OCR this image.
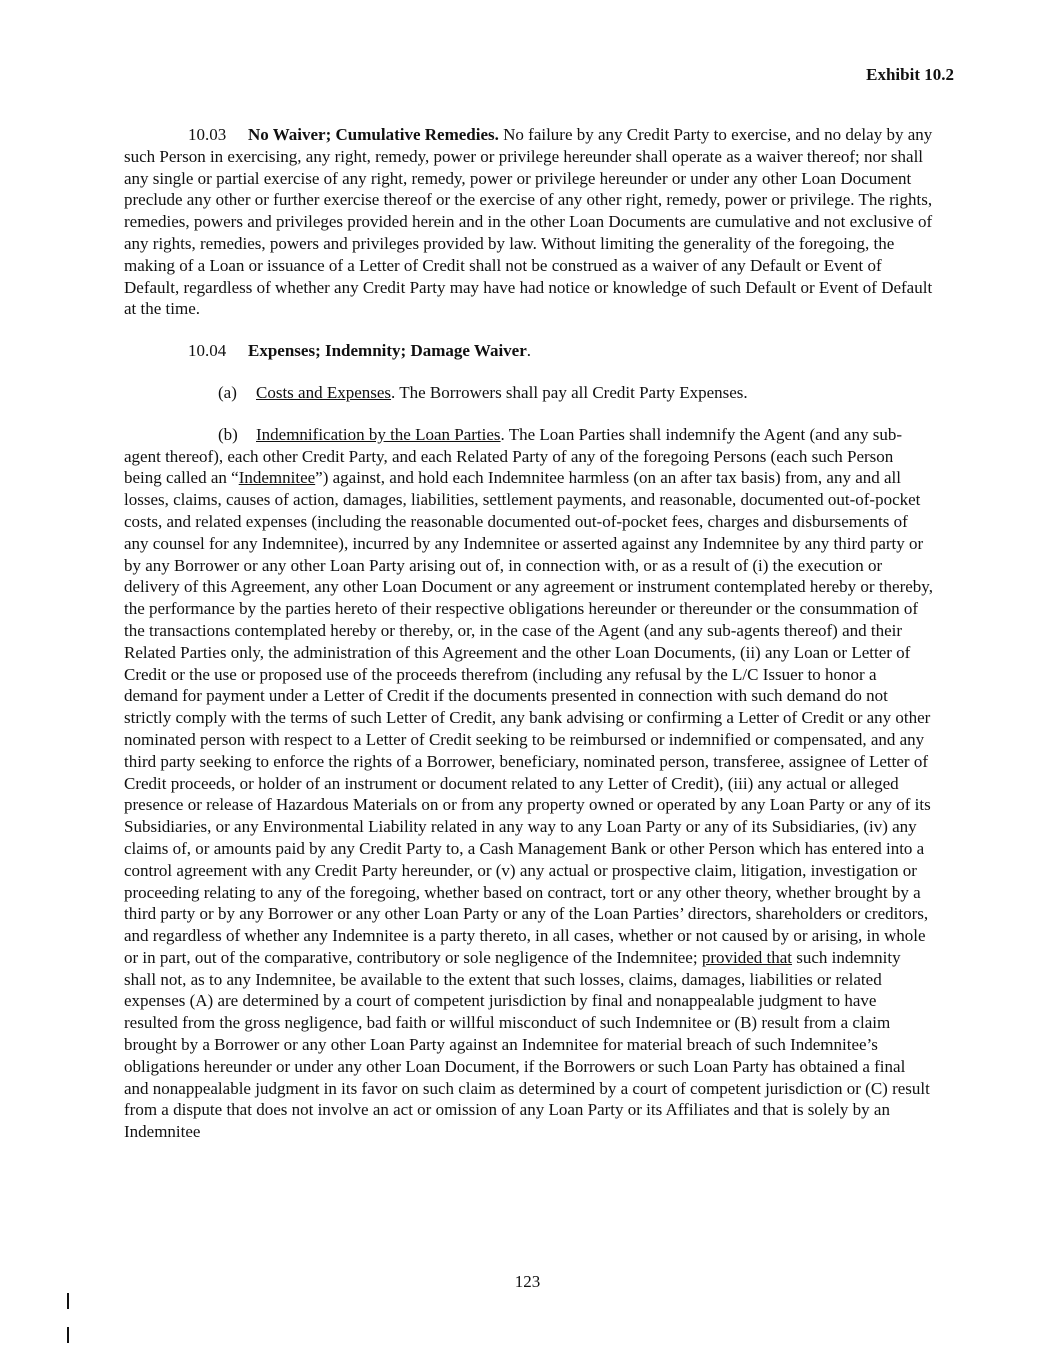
Exhibit 10.2

10.03 No Waiver; Cumulative Remedies. No failure by any Credit Party to exercise, and no delay by any such Person in exercising, any right, remedy, power or privilege hereunder shall operate as a waiver thereof; nor shall any single or partial exercise of any right, remedy, power or privilege hereunder or under any other Loan Document preclude any other or further exercise thereof or the exercise of any other right, remedy, power or privilege. The rights, remedies, powers and privileges provided herein and in the other Loan Documents are cumulative and not exclusive of any rights, remedies, powers and privileges provided by law. Without limiting the generality of the foregoing, the making of a Loan or issuance of a Letter of Credit shall not be construed as a waiver of any Default or Event of Default, regardless of whether any Credit Party may have had notice or knowledge of such Default or Event of Default at the time.

10.04 Expenses; Indemnity; Damage Waiver.

(a) Costs and Expenses. The Borrowers shall pay all Credit Party Expenses.

(b) Indemnification by the Loan Parties. The Loan Parties shall indemnify the Agent (and any sub-agent thereof), each other Credit Party, and each Related Party of any of the foregoing Persons (each such Person being called an “Indemnitee”) against, and hold each Indemnitee harmless (on an after tax basis) from, any and all losses, claims, causes of action, damages, liabilities, settlement payments, and reasonable, documented out-of-pocket costs, and related expenses (including the reasonable documented out-of-pocket fees, charges and disbursements of any counsel for any Indemnitee), incurred by any Indemnitee or asserted against any Indemnitee by any third party or by any Borrower or any other Loan Party arising out of, in connection with, or as a result of (i) the execution or delivery of this Agreement, any other Loan Document or any agreement or instrument contemplated hereby or thereby, the performance by the parties hereto of their respective obligations hereunder or thereunder or the consummation of the transactions contemplated hereby or thereby, or, in the case of the Agent (and any sub-agents thereof) and their Related Parties only, the administration of this Agreement and the other Loan Documents, (ii) any Loan or Letter of Credit or the use or proposed use of the proceeds therefrom (including any refusal by the L/C Issuer to honor a demand for payment under a Letter of Credit if the documents presented in connection with such demand do not strictly comply with the terms of such Letter of Credit, any bank advising or confirming a Letter of Credit or any other nominated person with respect to a Letter of Credit seeking to be reimbursed or indemnified or compensated, and any third party seeking to enforce the rights of a Borrower, beneficiary, nominated person, transferee, assignee of Letter of Credit proceeds, or holder of an instrument or document related to any Letter of Credit), (iii) any actual or alleged presence or release of Hazardous Materials on or from any property owned or operated by any Loan Party or any of its Subsidiaries, or any Environmental Liability related in any way to any Loan Party or any of its Subsidiaries, (iv) any claims of, or amounts paid by any Credit Party to, a Cash Management Bank or other Person which has entered into a control agreement with any Credit Party hereunder, or (v) any actual or prospective claim, litigation, investigation or proceeding relating to any of the foregoing, whether based on contract, tort or any other theory, whether brought by a third party or by any Borrower or any other Loan Party or any of the Loan Parties’ directors, shareholders or creditors, and regardless of whether any Indemnitee is a party thereto, in all cases, whether or not caused by or arising, in whole or in part, out of the comparative, contributory or sole negligence of the Indemnitee; provided that such indemnity shall not, as to any Indemnitee, be available to the extent that such losses, claims, damages, liabilities or related expenses (A) are determined by a court of competent jurisdiction by final and nonappealable judgment to have resulted from the gross negligence, bad faith or willful misconduct of such Indemnitee or (B) result from a claim brought by a Borrower or any other Loan Party against an Indemnitee for material breach of such Indemnitee’s obligations hereunder or under any other Loan Document, if the Borrowers or such Loan Party has obtained a final and nonappealable judgment in its favor on such claim as determined by a court of competent jurisdiction or (C) result from a dispute that does not involve an act or omission of any Loan Party or its Affiliates and that is solely by an Indemnitee

123
